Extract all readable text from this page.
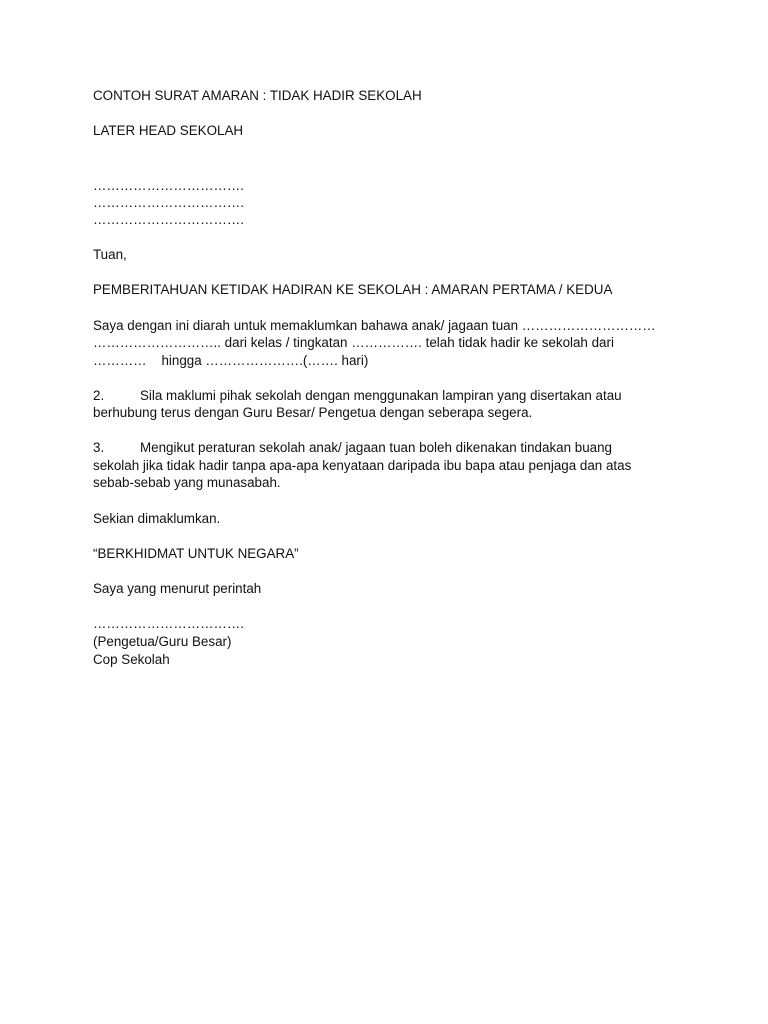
CONTOH SURAT AMARAN : TIDAK HADIR SEKOLAH

LATER HEAD SEKOLAH

…………………………….

…………………………….

…………………………….

Tuan,

PEMBERITAHUAN KETIDAK HADIRAN KE SEKOLAH : AMARAN PERTAMA / KEDUA

Saya dengan ini diarah untuk memaklumkan bahawa anak/ jagaan tuan …………………………

……………………….. dari kelas / tingkatan ……………. telah tidak hadir ke sekolah dari

…………    hingga ………………….(……. hari)

2.	Sila maklumi pihak sekolah dengan menggunakan lampiran yang disertakan atau

berhubung terus dengan Guru Besar/ Pengetua dengan seberapa segera.

3.	Mengikut peraturan sekolah anak/ jagaan tuan boleh dikenakan tindakan buang

sekolah jika tidak hadir tanpa apa-apa kenyataan daripada ibu bapa atau penjaga dan atas

sebab-sebab yang munasabah.

Sekian dimaklumkan.

“BERKHIDMAT UNTUK NEGARA”

Saya yang menurut perintah

…………………………….

(Pengetua/Guru Besar)

Cop Sekolah
